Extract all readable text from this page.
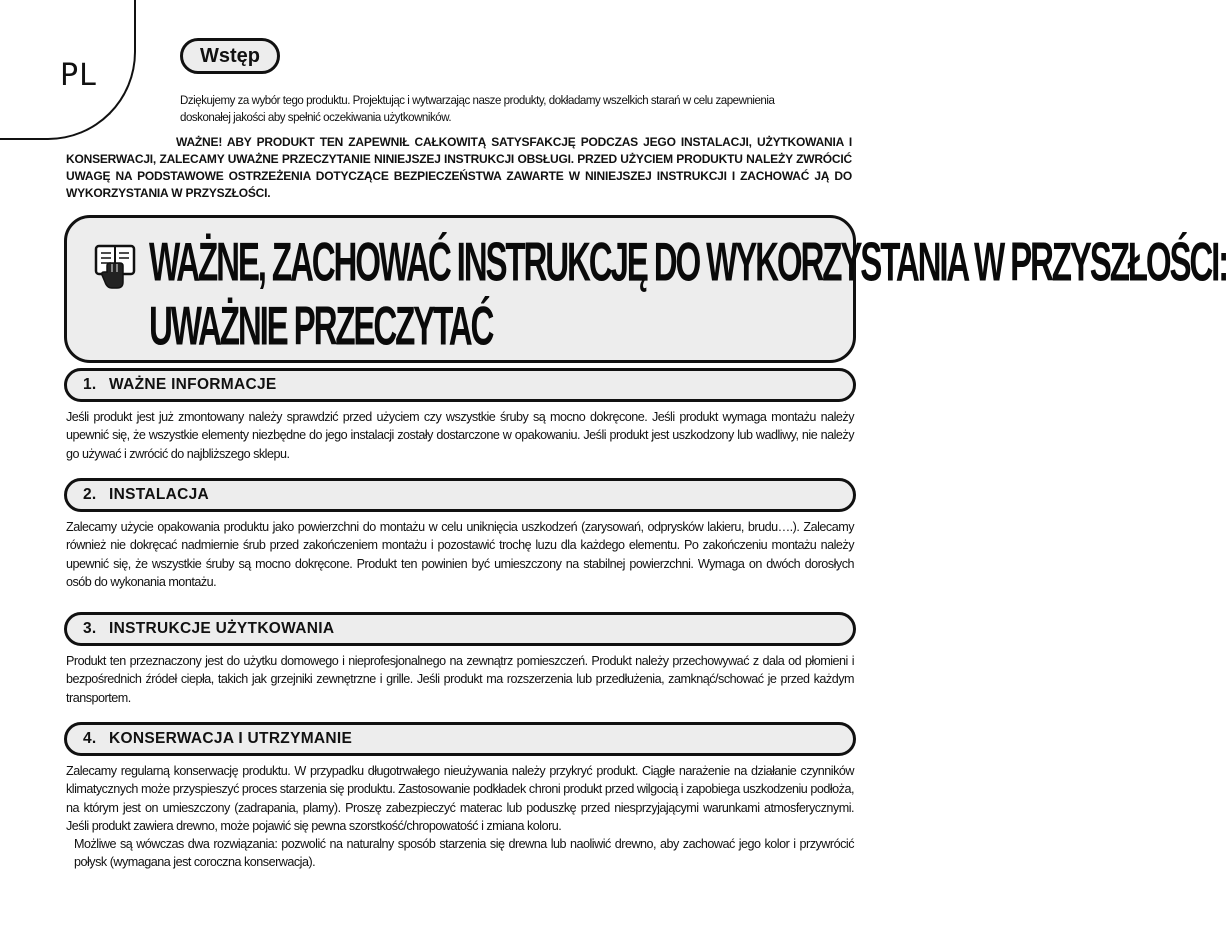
PL
Wstęp
Dziękujemy za wybór tego produktu. Projektując i wytwarzając nasze produkty, dokładamy wszelkich starań w celu zapewnienia doskonałej jakości aby spełnić oczekiwania użytkowników.
WAŻNE! ABY PRODUKT TEN ZAPEWNIŁ CAŁKOWITĄ SATYSFAKCJĘ PODCZAS JEGO INSTALACJI, UŻYTKOWANIA I KONSERWACJI, ZALECAMY UWAŻNE PRZECZYTANIE NINIEJSZEJ INSTRUKCJI OBSŁUGI. PRZED UŻYCIEM PRODUKTU NALEŻY ZWRÓCIĆ UWAGĘ NA PODSTAWOWE OSTRZEŻENIA DOTYCZĄCE BEZPIECZEŃSTWA ZAWARTE W NINIEJSZEJ INSTRUKCJI I ZACHOWAĆ JĄ DO WYKORZYSTANIA W PRZYSZŁOŚCI.
WAŻNE, ZACHOWAĆ INSTRUKCJĘ DO WYKORZYSTANIA W PRZYSZŁOŚCI:
UWAŻNIE PRZECZYTAĆ
1. WAŻNE INFORMACJE

Jeśli produkt jest już zmontowany należy sprawdzić przed użyciem czy wszystkie śruby są mocno dokręcone. Jeśli produkt wymaga montażu należy upewnić się, że wszystkie elementy niezbędne do jego instalacji zostały dostarczone w opakowaniu. Jeśli produkt jest uszkodzony lub wadliwy, nie należy go używać i zwrócić do najbliższego sklepu.

2. INSTALACJA

Zalecamy użycie opakowania produktu jako powierzchni do montażu w celu uniknięcia uszkodzeń (zarysowań, odprysków lakieru, brudu….). Zalecamy również nie dokręcać nadmiernie śrub przed zakończeniem montażu i pozostawić trochę luzu dla każdego elementu. Po zakończeniu montażu należy upewnić się, że wszystkie śruby są mocno dokręcone. Produkt ten powinien być umieszczony na stabilnej powierzchni. Wymaga on dwóch dorosłych osób do wykonania montażu.

3. INSTRUKCJE UŻYTKOWANIA

Produkt ten przeznaczony jest do użytku domowego i nieprofesjonalnego na zewnątrz pomieszczeń. Produkt należy przechowywać z dala od płomieni i bezpośrednich źródeł ciepła, takich jak grzejniki zewnętrzne i grille. Jeśli produkt ma rozszerzenia lub przedłużenia, zamknąć/schować je przed każdym transportem.

4. KONSERWACJA I UTRZYMANIE

Zalecamy regularną konserwację produktu. W przypadku długotrwałego nieużywania należy przykryć produkt. Ciągłe narażenie na działanie czynników klimatycznych może przyspieszyć proces starzenia się produktu. Zastosowanie podkładek chroni produkt przed wilgocią i zapobiega uszkodzeniu podłoża, na którym jest on umieszczony (zadrapania, plamy). Proszę zabezpieczyć materac lub poduszkę przed niesprzyjającymi warunkami atmosferycznymi. Jeśli produkt zawiera drewno, może pojawić się pewna szorstkość/chropowatość i zmiana koloru.

Możliwe są wówczas dwa rozwiązania: pozwolić na naturalny sposób starzenia się drewna lub naoliwić drewno, aby zachować jego kolor i przywrócić połysk (wymagana jest coroczna konserwacja).
